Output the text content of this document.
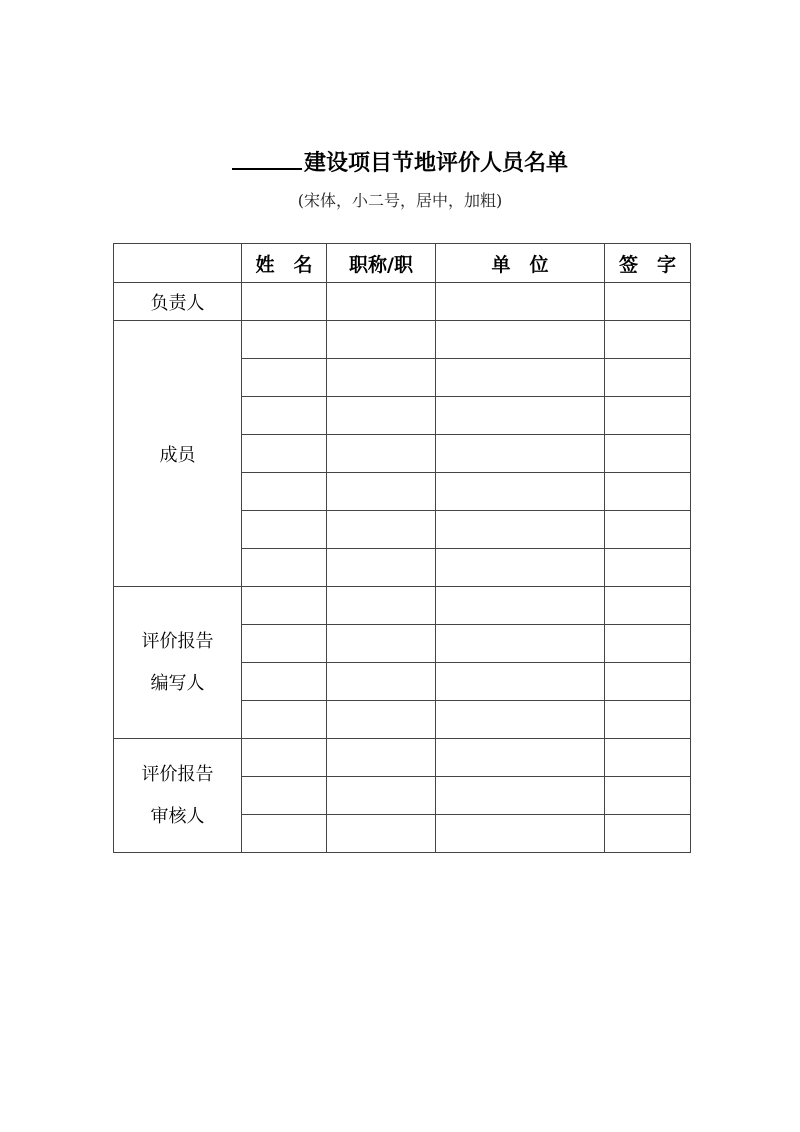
建设项目节地评价人员名单
(宋体，小二号，居中，加粗)
	姓　名	职称/职	单　位	签　字
负责人				
成员				

评价报告
编写人				

评价报告
审核人				
